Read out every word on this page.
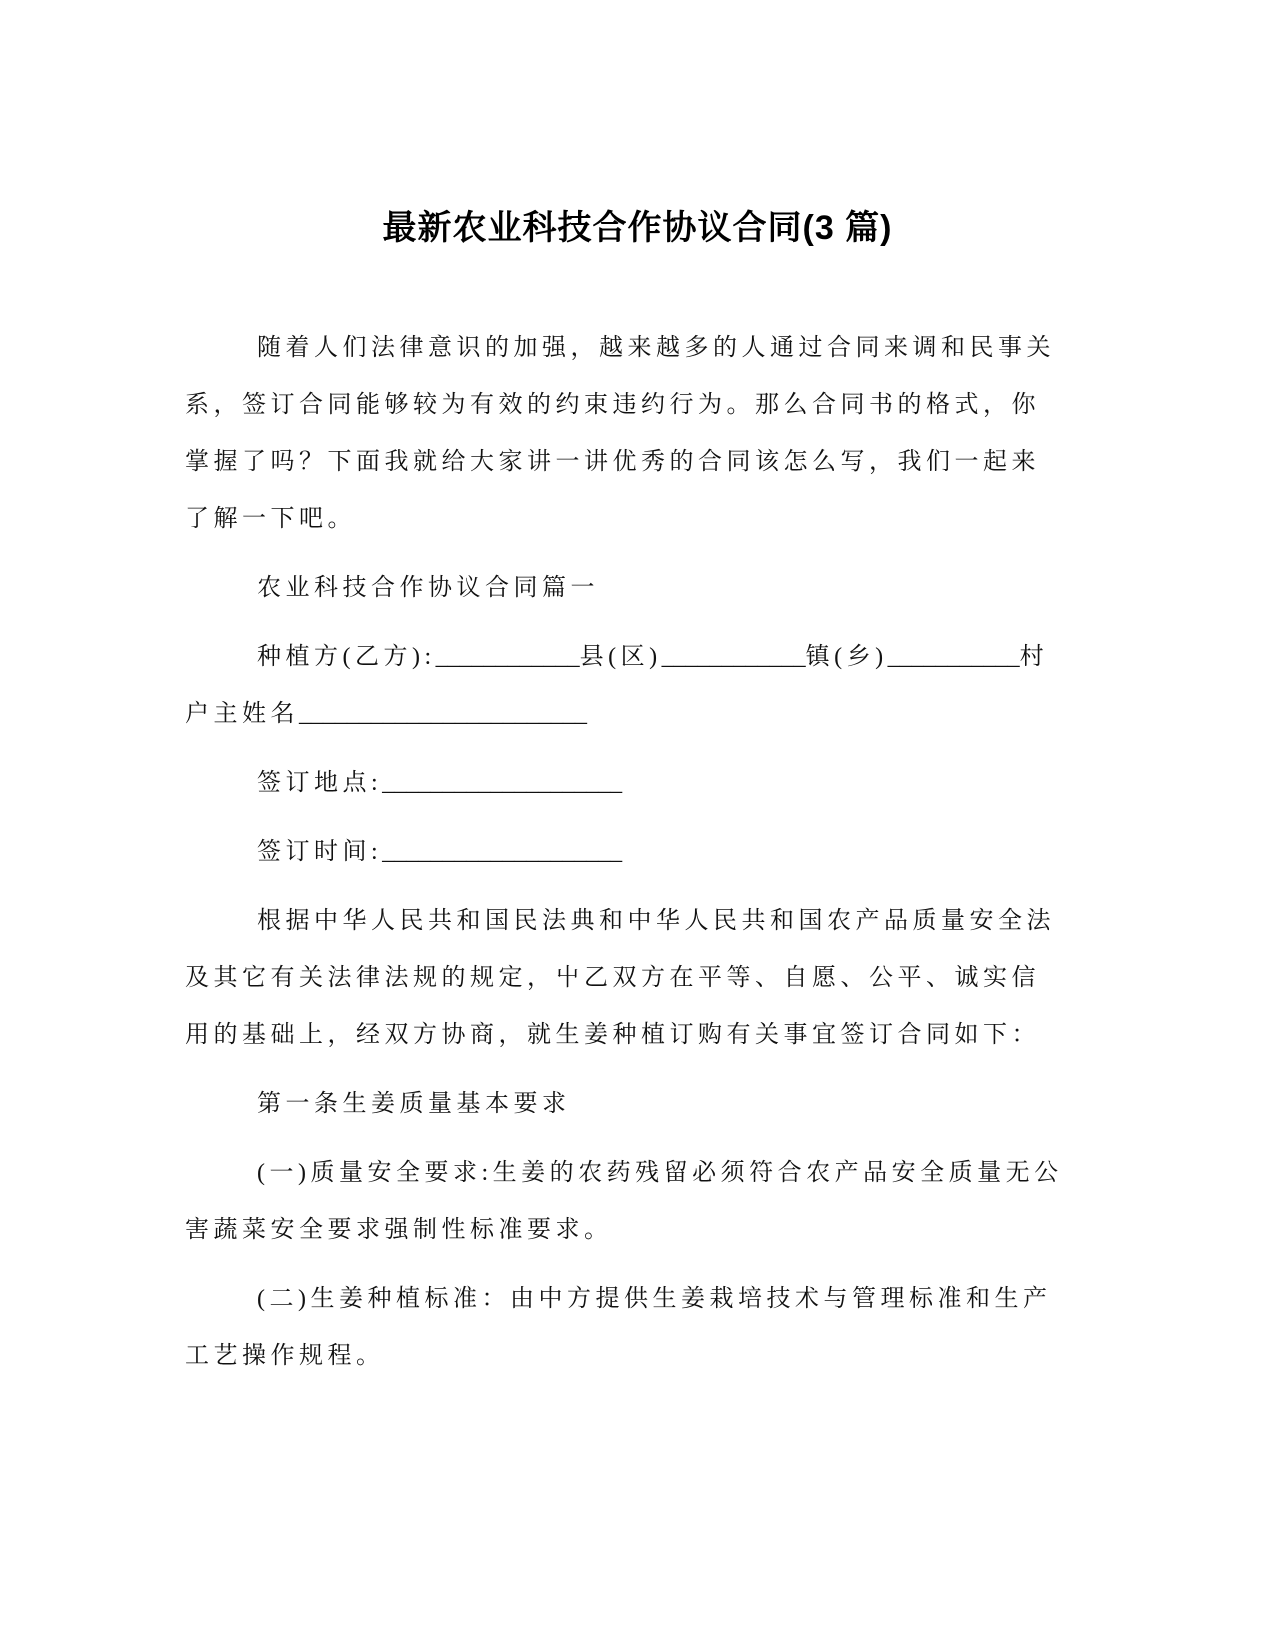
最新农业科技合作协议合同(3 篇)
随着人们法律意识的加强，越来越多的人通过合同来调和民事关
系，签订合同能够较为有效的约束违约行为。那么合同书的格式，你
掌握了吗？下面我就给大家讲一讲优秀的合同该怎么写，我们一起来
了解一下吧。
农业科技合作协议合同篇一
种植方(乙方):____________县(区)____________镇(乡)___________村
户主姓名________________________
签订地点:____________________
签订时间:____________________
根据中华人民共和国民法典和中华人民共和国农产品质量安全法
及其它有关法律法规的规定，屮乙双方在平等、自愿、公平、诚实信
用的基础上，经双方协商，就生姜种植订购有关事宜签订合同如下：
第一条生姜质量基本要求
(一)质量安全要求:生姜的农药残留必须符合农产品安全质量无公
害蔬菜安全要求强制性标准要求。
(二)生姜种植标准：由中方提供生姜栽培技术与管理标准和生产
工艺操作规程。
